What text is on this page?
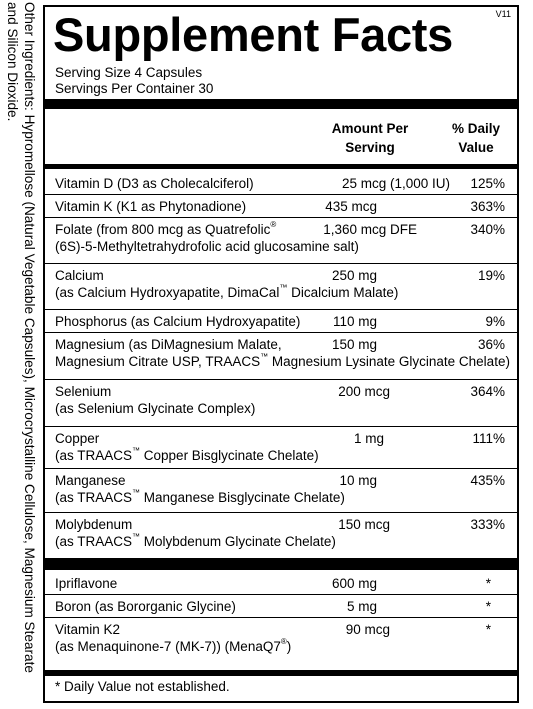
Other Ingredients: Hypromellose (Natural Vegetable Capsules), Microcrystalline Cellulose, Magnesium Stearate and Silicon Dioxide. Supplement Facts	V11
Serving Size 4 Capsules
Servings Per Container 30
Amount Per
Serving
% Daily
Value
Vitamin D (D3 as Cholecalciferol)	25 mcg (1,000 IU) 125%
Vitamin K (K1 as Phytonadione)	435 mcg	363%
Folate (from 800 mcg as Quatrefolic®
(6S)-5-Methyltetrahydrofolic acid glucosamine salt)
1,360 mcg DFE	340%
Calcium
(as Calcium Hydroxyapatite, DimaCal™ Dicalcium Malate)
250 mg	19%
Phosphorus (as Calcium Hydroxyapatite) 110 mg	9%
Magnesium (as DiMagnesium Malate,
Magnesium Citrate USP, TRAACS™ Magnesium Lysinate Glycinate Chelate)
150 mg	36%
Selenium
(as Selenium Glycinate Complex)
200 mcg	364%
Copper
(as TRAACS™ Copper Bisglycinate Chelate)
1 mg	111%
Manganese
(as TRAACS™ Manganese Bisglycinate Chelate)
10 mg	435%
Molybdenum
(as TRAACS™ Molybdenum Glycinate Chelate)
150 mcg	333%
Ipriflavone	600 mg	*
Boron (as Bororganic Glycine)	5 mg	*
Vitamin K2
(as Menaquinone-7 (MK-7)) (MenaQ7®)
90 mcg	*
* Daily Value not established.
